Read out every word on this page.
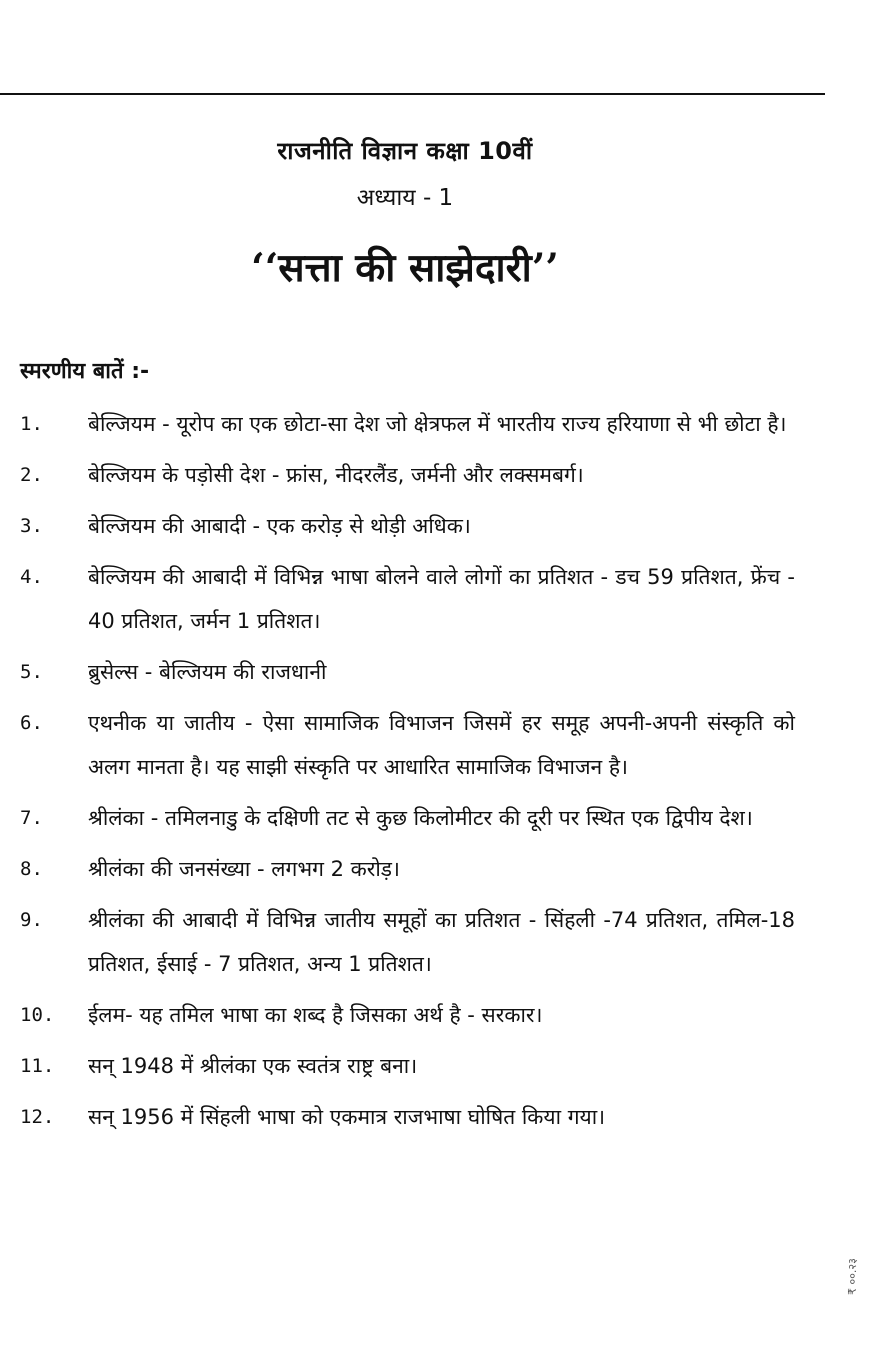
राजनीति विज्ञान कक्षा 10वीं
अध्याय - 1
‘‘सत्ता की साझेदारी’’
स्मरणीय बातें :-
1.	बेल्जियम - यूरोप का एक छोटा-सा देश जो क्षेत्रफल में भारतीय राज्य हरियाणा से भी छोटा है।
2.	बेल्जियम के पड़ोसी देश - फ्रांस, नीदरलैंड, जर्मनी और लक्समबर्ग।
3.	बेल्जियम की आबादी - एक करोड़ से थोड़ी अधिक।
4.	बेल्जियम की आबादी में विभिन्न भाषा बोलने वाले लोगों का प्रतिशत - डच 59 प्रतिशत, फ्रेंच - 40 प्रतिशत, जर्मन 1 प्रतिशत।
5.	ब्रुसेल्स - बेल्जियम की राजधानी
6.	एथनीक या जातीय - ऐसा सामाजिक विभाजन जिसमें हर समूह अपनी-अपनी संस्कृति को अलग मानता है। यह साझी संस्कृति पर आधारित सामाजिक विभाजन है।
7.	श्रीलंका - तमिलनाडु के दक्षिणी तट से कुछ किलोमीटर की दूरी पर स्थित एक द्विपीय देश।
8.	श्रीलंका की जनसंख्या - लगभग 2 करोड़।
9.	श्रीलंका की आबादी में विभिन्न जातीय समूहों का प्रतिशत - सिंहली -74 प्रतिशत, तमिल-18 प्रतिशत, ईसाई - 7 प्रतिशत, अन्य 1 प्रतिशत।
10.	ईलम- यह तमिल भाषा का शब्द है जिसका अर्थ है - सरकार।
11.	सन् 1948 में श्रीलंका एक स्वतंत्र राष्ट्र बना।
12.	सन् 1956 में सिंहली भाषा को एकमात्र राजभाषा घोषित किया गया।
₹ ००.२३
